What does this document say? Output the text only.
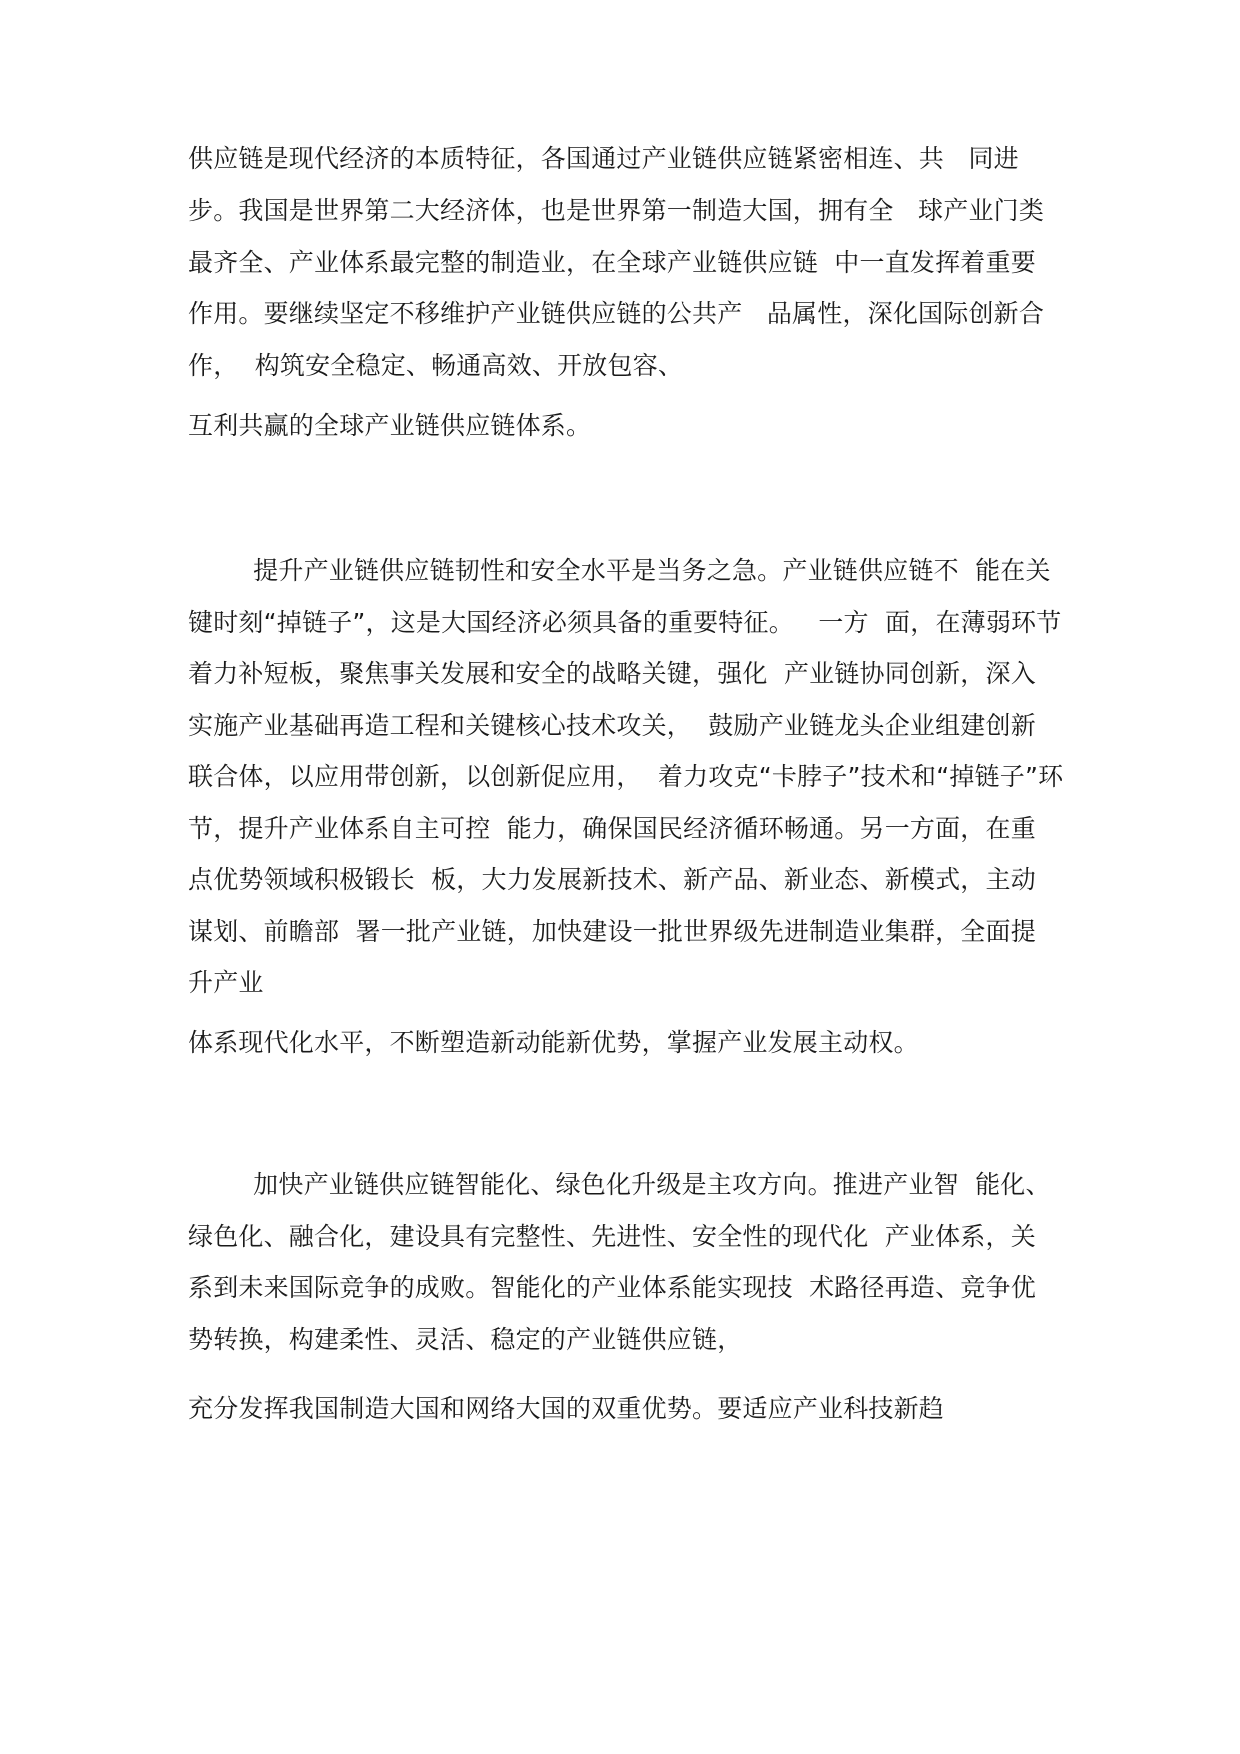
供应链是现代经济的本质特征，各国通过产业链供应链紧密相连、共   同进
步。我国是世界第二大经济体，也是世界第一制造大国，拥有全   球产业门类
最齐全、产业体系最完整的制造业，在全球产业链供应链  中一直发挥着重要
作用。要继续坚定不移维护产业链供应链的公共产   品属性，深化国际创新合
作，  构筑安全稳定、畅通高效、开放包容、
互利共赢的全球产业链供应链体系。
提升产业链供应链韧性和安全水平是当务之急。产业链供应链不  能在关
键时刻“掉链子”，这是大国经济必须具备的重要特征。   一方  面，在薄弱环节
着力补短板，聚焦事关发展和安全的战略关键，强化  产业链协同创新，深入
实施产业基础再造工程和关键核心技术攻关，  鼓励产业链龙头企业组建创新
联合体，以应用带创新，以创新促应用，  着力攻克“卡脖子”技术和“掉链子”环
节，提升产业体系自主可控  能力，确保国民经济循环畅通。另一方面，在重
点优势领域积极锻长  板，大力发展新技术、新产品、新业态、新模式，主动
谋划、前瞻部  署一批产业链，加快建设一批世界级先进制造业集群，全面提
升产业
体系现代化水平，不断塑造新动能新优势，掌握产业发展主动权。
加快产业链供应链智能化、绿色化升级是主攻方向。推进产业智  能化、
绿色化、融合化，建设具有完整性、先进性、安全性的现代化  产业体系，关
系到未来国际竞争的成败。智能化的产业体系能实现技  术路径再造、竞争优
势转换，构建柔性、灵活、稳定的产业链供应链，
充分发挥我国制造大国和网络大国的双重优势。要适应产业科技新趋
